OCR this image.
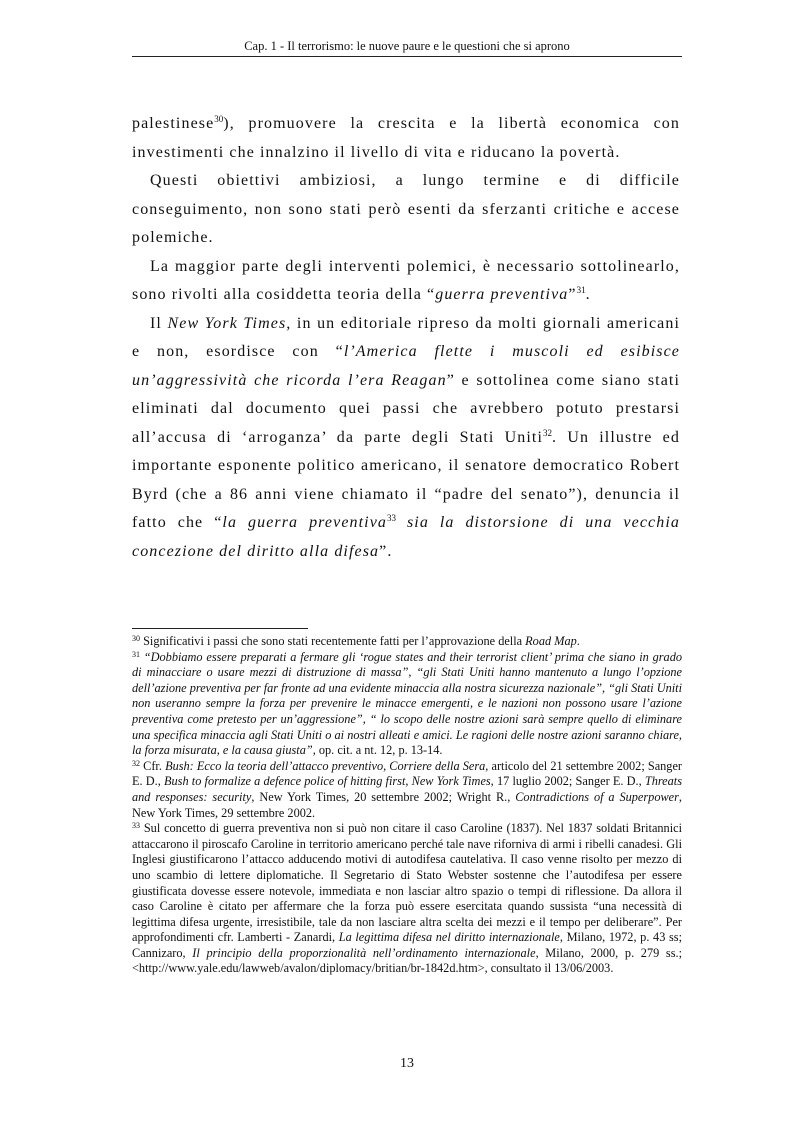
Cap. 1 - Il terrorismo: le nuove paure e le questioni che si aprono

palestinese$^{30}$), promuovere la crescita e la libertà economica con investimenti che innalzino il livello di vita e riducano la povertà.

Questi obiettivi ambiziosi, a lungo termine e di difficile conseguimento, non sono stati però esenti da sferzanti critiche e accese polemiche.

La maggior parte degli interventi polemici, è necessario sottolinearlo, sono rivolti alla cosiddetta teoria della “guerra preventiva”$^{31}$.

Il New York Times, in un editoriale ripreso da molti giornali americani e non, esordisce con “l’America flette i muscoli ed esibisce un’aggressività che ricorda l’era Reagan” e sottolinea come siano stati eliminati dal documento quei passi che avrebbero potuto prestarsi all’accusa di ‘arroganza’ da parte degli Stati Uniti$^{32}$. Un illustre ed importante esponente politico americano, il senatore democratico Robert Byrd (che a 86 anni viene chiamato il “padre del senato”), denuncia il fatto che “la guerra preventiva$^{33}$ sia la distorsione di una vecchia concezione del diritto alla difesa”.

$^{30}$ Significativi i passi che sono stati recentemente fatti per l’approvazione della Road Map.

$^{31}$ “Dobbiamo essere preparati a fermare gli ‘rogue states and their terrorist client’ prima che siano in grado di minacciare o usare mezzi di distruzione di massa”, “gli Stati Uniti hanno mantenuto a lungo l’opzione dell’azione preventiva per far fronte ad una evidente minaccia alla nostra sicurezza nazionale”, “gli Stati Uniti non useranno sempre la forza per prevenire le minacce emergenti, e le nazioni non possono usare l’azione preventiva come pretesto per un’aggressione”, “ lo scopo delle nostre azioni sarà sempre quello di eliminare una specifica minaccia agli Stati Uniti o ai nostri alleati e amici. Le ragioni delle nostre azioni saranno chiare, la forza misurata, e la causa giusta”, op. cit. a nt. 12, p. 13-14.

$^{32}$ Cfr. Bush: Ecco la teoria dell’attacco preventivo, Corriere della Sera, articolo del 21 settembre 2002; Sanger E. D., Bush to formalize a defence police of hitting first, New York Times, 17 luglio 2002; Sanger E. D., Threats and responses: security, New York Times, 20 settembre 2002; Wright R., Contradictions of a Superpower, New York Times, 29 settembre 2002.

$^{33}$ Sul concetto di guerra preventiva non si può non citare il caso Caroline (1837). Nel 1837 soldati Britannici attaccarono il piroscafo Caroline in territorio americano perché tale nave riforniva di armi i ribelli canadesi. Gli Inglesi giustificarono l’attacco adducendo motivi di autodifesa cautelativa. Il caso venne risolto per mezzo di uno scambio di lettere diplomatiche. Il Segretario di Stato Webster sostenne che l’autodifesa per essere giustificata dovesse essere notevole, immediata e non lasciar altro spazio o tempi di riflessione. Da allora il caso Caroline è citato per affermare che la forza può essere esercitata quando sussista “una necessità di legittima difesa urgente, irresistibile, tale da non lasciare altra scelta dei mezzi e il tempo per deliberare”. Per approfondimenti cfr. Lamberti - Zanardi, La legittima difesa nel diritto internazionale, Milano, 1972, p. 43 ss; Cannizaro, Il principio della proporzionalità nell’ordinamento internazionale, Milano, 2000, p. 279 ss.; <http://www.yale.edu/lawweb/avalon/diplomacy/britian/br-1842d.htm>, consultato il 13/06/2003.

13
